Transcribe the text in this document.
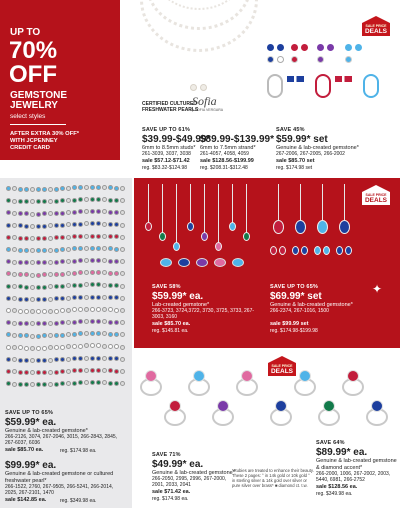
UP TO
70%
OFF
GEMSTONE
JEWELRY
select styles
AFTER EXTRA 30% OFF*
WITH JCPENNEY
CREDIT CARD
CERTIFIED CULTURED
FRESHWATER PEARLS
Sofia
by SOFIA VERGARA
SAVE UP TO 61%
$39.99-$49.99*
6mm to 8.5mm studs*
261-3039, 3037, 3038
sale $57.12-$71.42
reg. $83.32-$124.98
$89.99-$139.99*
6mm to 7.5mm strand*
261-4057, 4058, 4059
sale $128.56-$199.99
reg. $208.31-$312.48
SALE PRICE
DEALS
SAVE 45%
$59.99* set
Genuine & lab-created gemstone*
267-2006, 267-2005, 266-2002
sale $85.70 set
reg. $174.98 set
SAVE UP TO 65%
$59.99* ea.
Genuine & lab-created gemstone*
266-2126, 3074, 267-2046, 3015, 266-2843, 2845, 267-6037, 6036
sale $85.70 ea.	reg. $174.98 ea.
$99.99* ea.
Genuine & lab-created gemstone or cultured freshwater pearl*
266-1522, 2760, 267-9505, 266-5241, 266-2014, 2025, 267-2101, 1470
sale $142.85 ea.	reg. $349.98 ea.
SALE PRICE
DEALS
SAVE 58%
$59.99* ea.
Lab-created gemstone*
266-3723, 3724,3722, 3730, 3725, 3733, 267-3003, 3160
sale $85.70 ea.
reg. $145.81 ea.
SAVE UP TO 65%
$69.99* set
Genuine & lab-created gemstone*
266-2374, 267-1016, 1500
sale $99.99 set
reg. $174.98-$199.98
✦
SALE PRICE
DEALS
SAVE 71%
$49.99* ea.
Genuine & lab-created gemstone*
266-2050, 2995, 2996, 267-2000, 2001, 2033, 2041
sale $71.42 ea.
reg. $174.98 ea.
SAVE 64%
$89.99* ea.
Genuine & lab-created gemstone & diamond accent*
266-2000, 1006, 267-2002, 2003, 5440, 6981, 266-2752
sale $128.56 ea.
reg. $349.98 ea.
*Rubies are treated to enhance their beauty. These 2 pages: ° in 14k gold or 10k gold ° in sterling silver & 14k gold over silver or pure silver over brass* ■ diamond ct. t.w.
